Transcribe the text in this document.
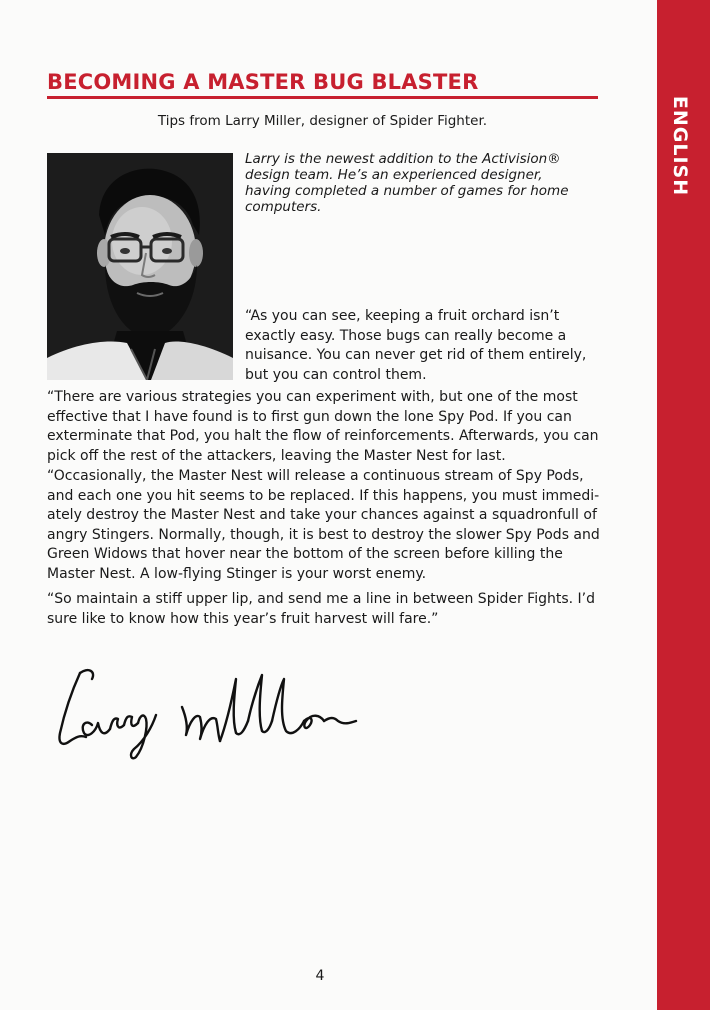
ENGLISH
BECOMING A MASTER BUG BLASTER

Tips from Larry Miller, designer of Spider Fighter.

Larry is the newest addition to the Activision® design team. He’s an experienced designer, having completed a number of games for home computers.

“As you can see, keeping a fruit orchard isn’t exactly easy. Those bugs can really become a nuisance. You can never get rid of them entirely, but you can control them.

“There are various strategies you can experiment with, but one of the most effective that I have found is to first gun down the lone Spy Pod. If you can exterminate that Pod, you halt the flow of reinforcements. Afterwards, you can pick off the rest of the attackers, leaving the Master Nest for last.

“Occasionally, the Master Nest will release a continuous stream of Spy Pods, and each one you hit seems to be replaced. If this happens, you must immediately destroy the Master Nest and take your chances against a squadronfull of angry Stingers. Normally, though, it is best to destroy the slower Spy Pods and Green Widows that hover near the bottom of the screen before killing the Master Nest. A low-flying Stinger is your worst enemy.

“So maintain a stiff upper lip, and send me a line in between Spider Fights. I’d sure like to know how this year’s fruit harvest will fare.”

4
